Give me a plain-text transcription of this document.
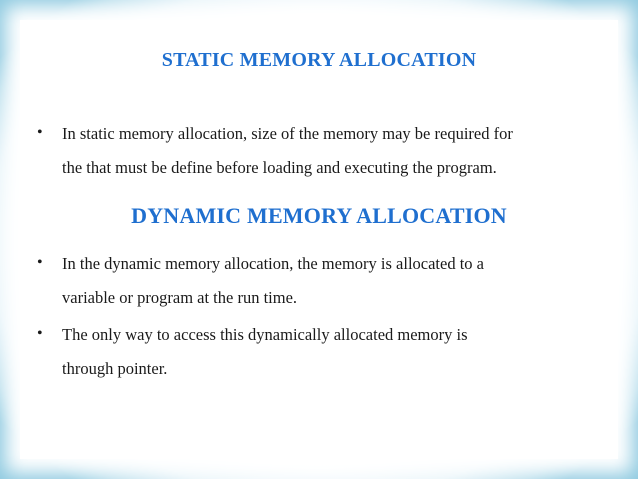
STATIC MEMORY ALLOCATION
• In static memory allocation, size of the memory may be required for
the that must be define before loading and executing the program.
DYNAMIC MEMORY ALLOCATION
• In the dynamic memory allocation, the memory is allocated to a
variable or program at the run time.
• The only way to access this dynamically allocated memory is
through pointer.
